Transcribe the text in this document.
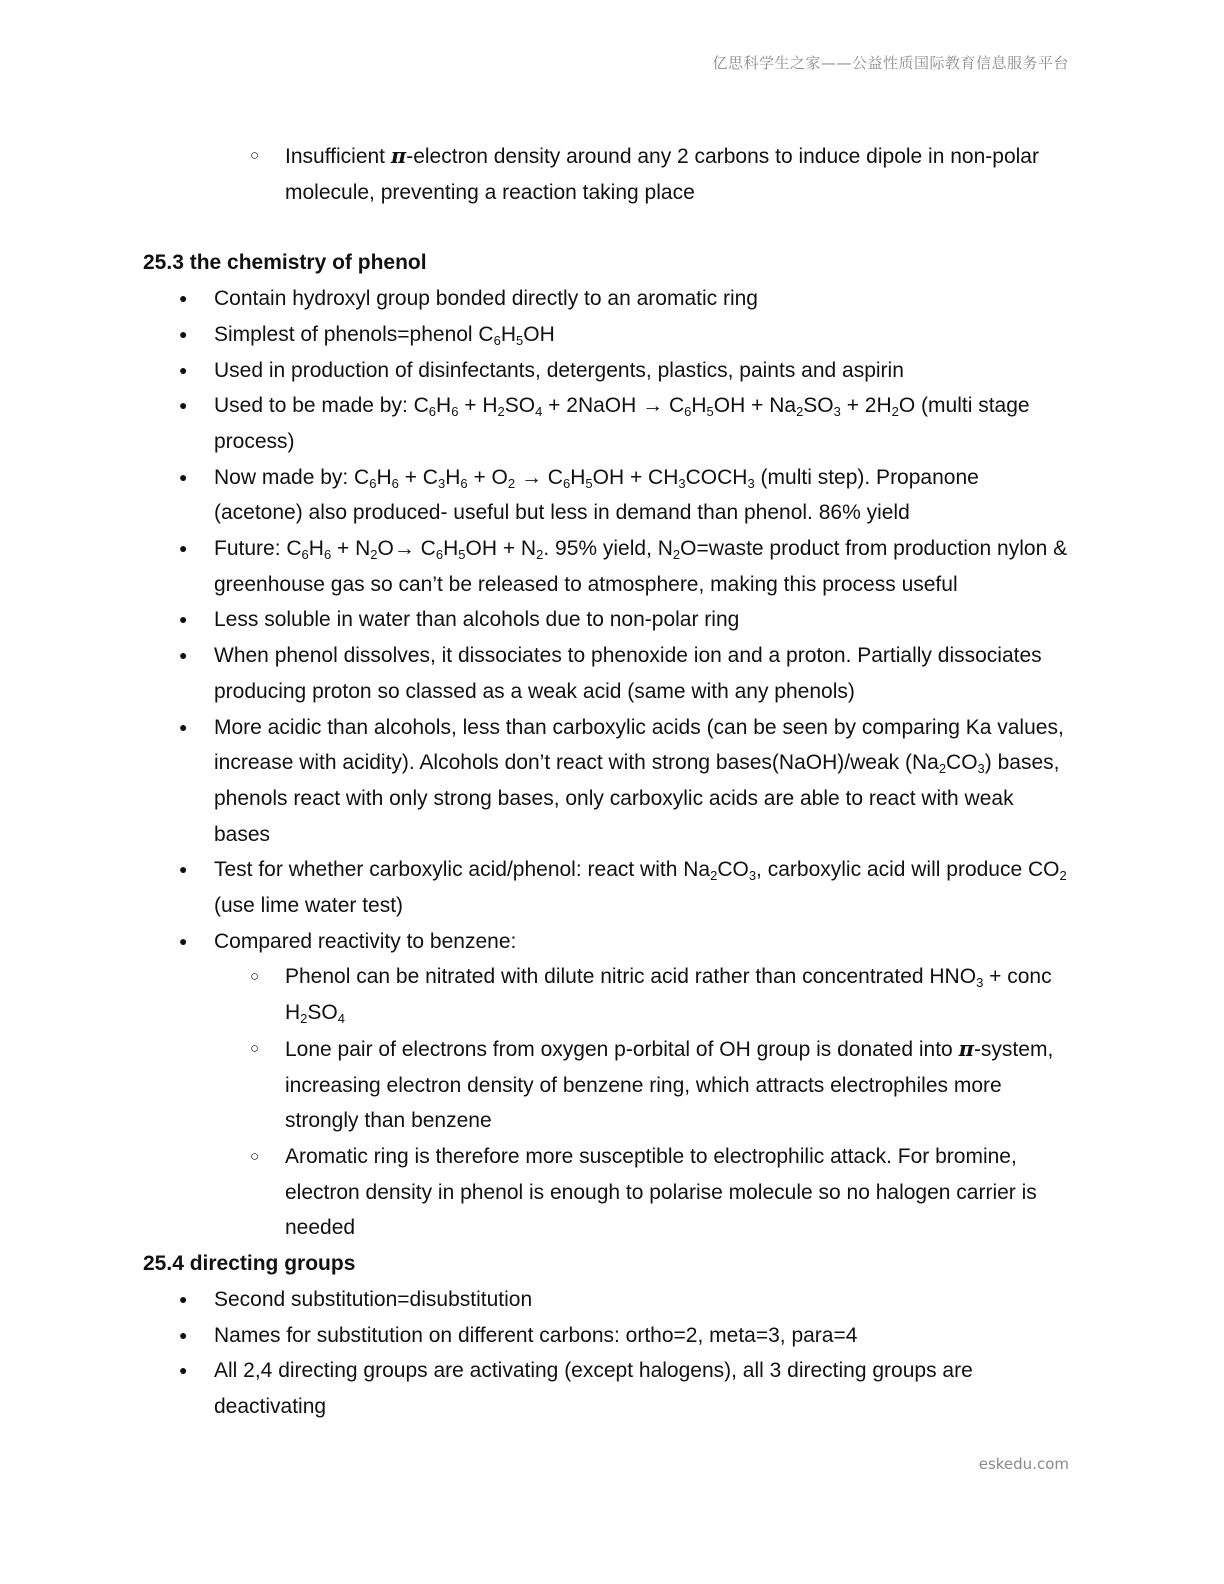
亿思科学生之家——公益性质国际教育信息服务平台
○ Insufficient π-electron density around any 2 carbons to induce dipole in non-polar molecule, preventing a reaction taking place
25.3 the chemistry of phenol
● Contain hydroxyl group bonded directly to an aromatic ring
● Simplest of phenols=phenol $C_6H_5OH$
● Used in production of disinfectants, detergents, plastics, paints and aspirin
● Used to be made by: $C_6H_6 + H_2SO_4$ + 2NaOH → $C_6H_5OH + Na_2SO_3 + 2H_2O$ (multi stage process)
● Now made by: $C_6H_6 + C_3H_6 + O_2 \to C_6H_5OH$ + $CH_3COCH_3$ (multi step). Propanone (acetone) also produced- useful but less in demand than phenol. 86% yield
● Future: $C_6H_6 + N_2O\to C_6H_5OH + N_2$. 95% yield, $N_2O=waste$ product from production nylon & greenhouse gas so can’t be released to atmosphere, making this process useful
● Less soluble in water than alcohols due to non-polar ring
● When phenol dissolves, it dissociates to phenoxide ion and a proton. Partially dissociates producing proton so classed as a weak acid (same with any phenols)
● More acidic than alcohols, less than carboxylic acids (can be seen by comparing Ka values, increase with acidity). Alcohols don’t react with strong bases(NaOH)/weak $(Na_2CO_3)$ bases, phenols react with only strong bases, only carboxylic acids are able to react with weak bases
● Test for whether carboxylic acid/phenol: react with $Na_2CO_3$, carboxylic acid will produce $CO_2$ (use lime water test)
● Compared reactivity to benzene:
○ Phenol can be nitrated with dilute nitric acid rather than concentrated $HNO_3$ + conc $H_2SO_4$
○ Lone pair of electrons from oxygen p-orbital of OH group is donated into π-system, increasing electron density of benzene ring, which attracts electrophiles more strongly than benzene
○ Aromatic ring is therefore more susceptible to electrophilic attack. For bromine, electron density in phenol is enough to polarise molecule so no halogen carrier is needed
25.4 directing groups
● Second substitution=disubstitution
● Names for substitution on different carbons: ortho=2, meta=3, para=4
● All 2,4 directing groups are activating (except halogens), all 3 directing groups are deactivating
eskedu.com
